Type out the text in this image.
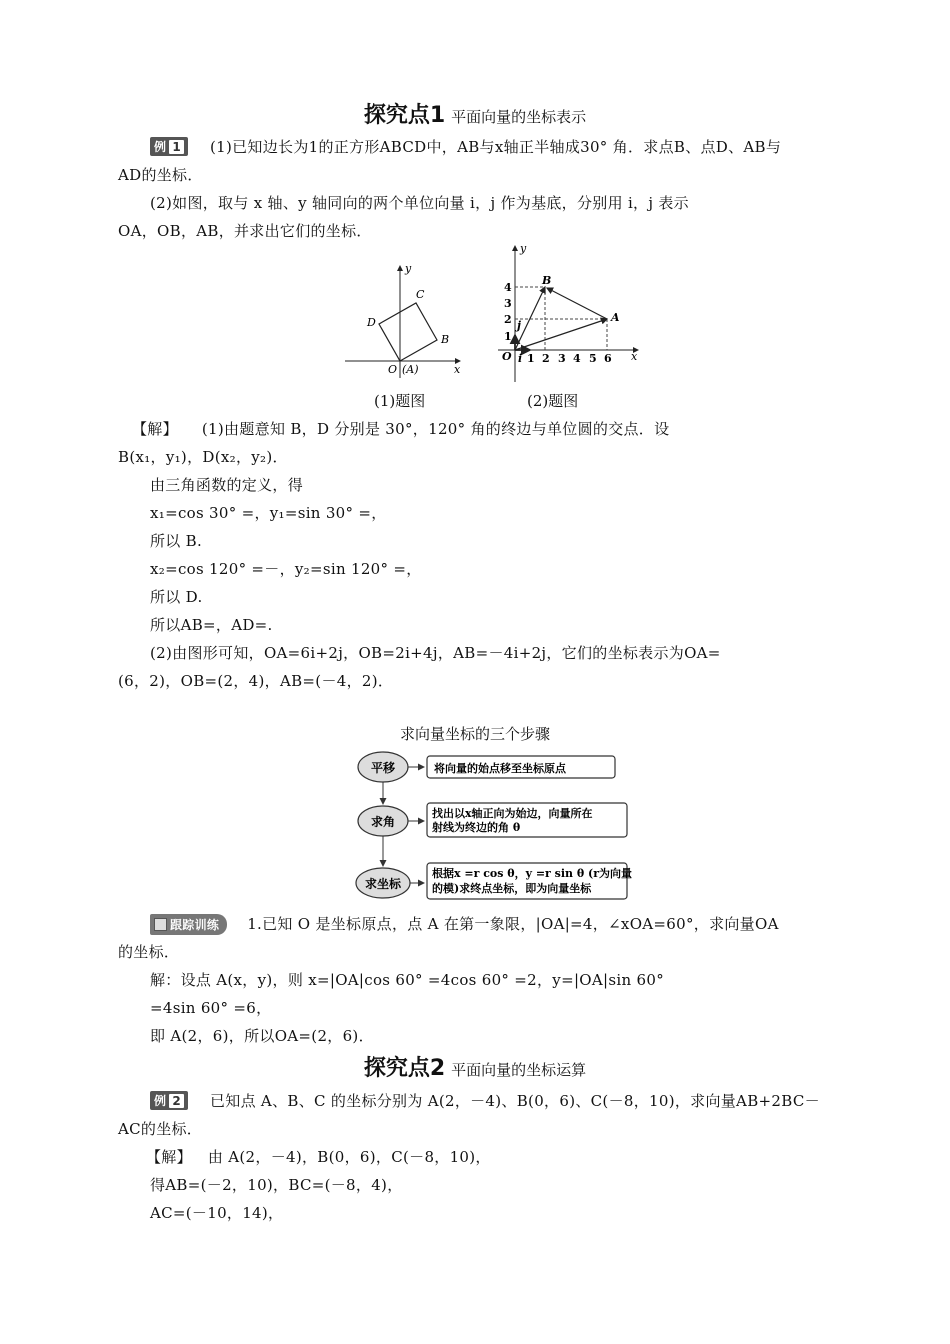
探究点1 平面向量的坐标表示
例 1 (1)已知边长为1的正方形ABCD中，AB与x轴正半轴成30° 角．求点B、点D、AB与
AD的坐标．
(2)如图，取与 x 轴、y 轴同向的两个单位向量 i，j 作为基底，分别用 i，j 表示
OA，OB，AB，并求出它们的坐标．
y
x
O (A)
B
C
D
y
x
O
B
A
i
j
1
2
3
4
1 2 3 4 5 6
(1)题图	(2)题图
【解】 (1)由题意知 B，D 分别是 30°，120° 角的终边与单位圆的交点．设
B(x₁，y₁)，D(x₂，y₂)．
由三角函数的定义，得
x₁=cos 30° =，y₁=sin 30° =，
所以 B.
x₂=cos 120° =－，y₂=sin 120° =，
所以 D.
所以AB=，AD=.
(2)由图形可知，OA=6i+2j，OB=2i+4j，AB=－4i+2j，它们的坐标表示为OA=
(6，2)，OB=(2，4)，AB=(－4，2)．
求向量坐标的三个步骤
平移
求角
求坐标
将向量的始点移至坐标原点
找出以x轴正向为始边，向量所在
射线为终边的角 θ
根据x =r cos θ，y =r sin θ (r为向量
的模)求终点坐标，即为向量坐标
跟踪训练 1.已知 O 是坐标原点，点 A 在第一象限，|OA|=4，∠xOA=60°，求向量OA
的坐标．
解：设点 A(x，y)，则 x=|OA|cos 60° =4cos 60° =2，y=|OA|sin 60°
=4sin 60° =6，
即 A(2，6)，所以OA=(2，6)．
探究点2 平面向量的坐标运算
例 2 已知点 A、B、C 的坐标分别为 A(2，－4)、B(0，6)、C(－8，10)，求向量AB+2BC－
AC的坐标．
【解】 由 A(2，－4)，B(0，6)，C(－8，10)，
得AB=(－2，10)，BC=(－8，4)，
AC=(－10，14)，
